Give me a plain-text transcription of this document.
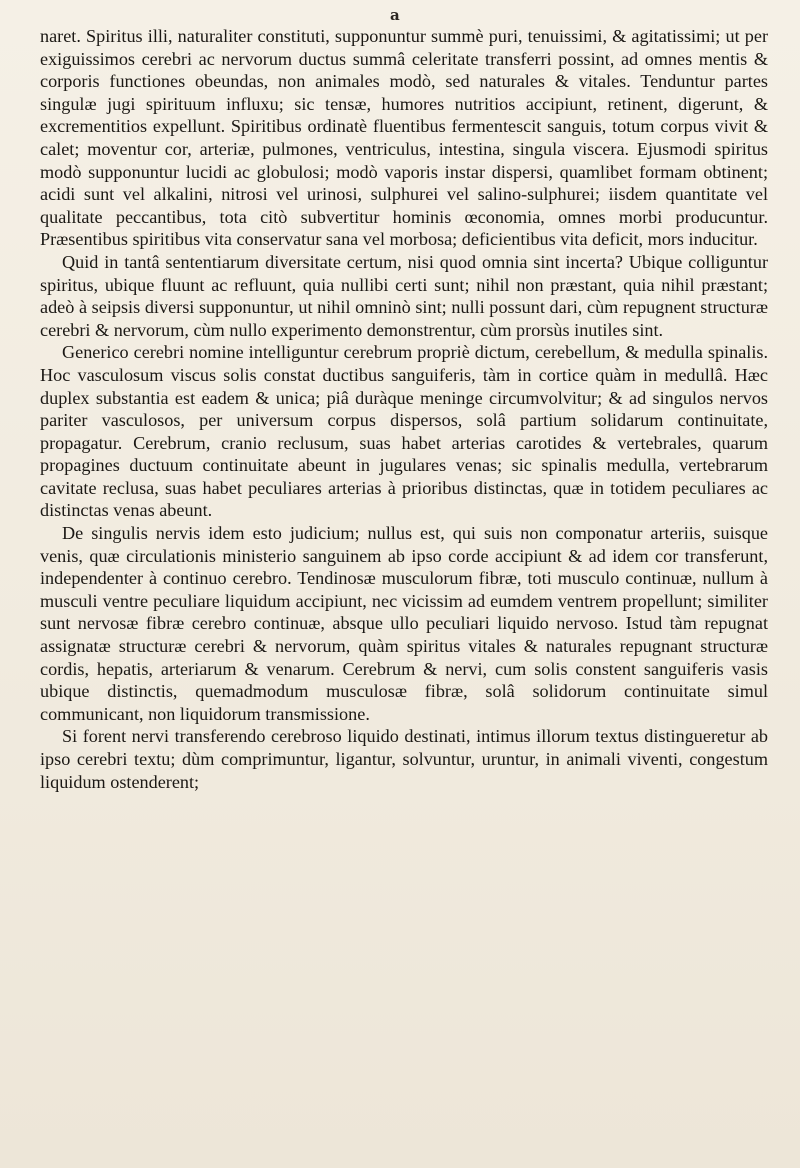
a

naret. Spiritus illi, naturaliter constituti, supponuntur summè puri, tenuissimi, & agitatissimi; ut per exiguissimos cerebri ac nervorum ductus summâ celeritate transferri possint, ad omnes mentis & corporis functiones obeundas, non animales modò, sed naturales & vitales. Tenduntur partes singulæ jugi spirituum influxu; sic tensæ, humores nutritios accipiunt, retinent, digerunt, & excrementitios expellunt. Spiritibus ordinatè fluentibus fermentescit sanguis, totum corpus vivit & calet; moventur cor, arteriæ, pulmones, ventriculus, intestina, singula viscera. Ejusmodi spiritus modò supponuntur lucidi ac globulosi; modò vaporis instar dispersi, quamlibet formam obtinent; acidi sunt vel alkalini, nitrosi vel urinosi, sulphurei vel salino-sulphurei; iisdem quantitate vel qualitate peccantibus, tota citò subvertitur hominis œconomia, omnes morbi producuntur. Præsentibus spiritibus vita conservatur sana vel morbosa; deficientibus vita deficit, mors inducitur.

Quid in tantâ sententiarum diversitate certum, nisi quod omnia sint incerta? Ubique colliguntur spiritus, ubique fluunt ac refluunt, quia nullibi certi sunt; nihil non præstant, quia nihil præstant; adeò à seipsis diversi supponuntur, ut nihil omninò sint; nulli possunt dari, cùm repugnent structuræ cerebri & nervorum, cùm nullo experimento demonstrentur, cùm prorsùs inutiles sint.

Generico cerebri nomine intelliguntur cerebrum propriè dictum, cerebellum, & medulla spinalis. Hoc vasculosum viscus solis constat ductibus sanguiferis, tàm in cortice quàm in medullâ. Hæc duplex substantia est eadem & unica; piâ duràque meninge circumvolvitur; & ad singulos nervos pariter vasculosos, per universum corpus dispersos, solâ partium solidarum continuitate, propagatur. Cerebrum, cranio reclusum, suas habet arterias carotides & vertebrales, quarum propagines ductuum continuitate abeunt in jugulares venas; sic spinalis medulla, vertebrarum cavitate reclusa, suas habet peculiares arterias à prioribus distinctas, quæ in totidem peculiares ac distinctas venas abeunt.

De singulis nervis idem esto judicium; nullus est, qui suis non componatur arteriis, suisque venis, quæ circulationis ministerio sanguinem ab ipso corde accipiunt & ad idem cor transferunt, independenter à continuo cerebro. Tendinosæ musculorum fibræ, toti musculo continuæ, nullum à musculi ventre peculiare liquidum accipiunt, nec vicissim ad eumdem ventrem propellunt; similiter sunt nervosæ fibræ cerebro continuæ, absque ullo peculiari liquido nervoso. Istud tàm repugnat assignatæ structuræ cerebri & nervorum, quàm spiritus vitales & naturales repugnant structuræ cordis, hepatis, arteriarum & venarum. Cerebrum & nervi, cum solis constent sanguiferis vasis ubique distinctis, quemadmodum musculosæ fibræ, solâ solidorum continuitate simul communicant, non liquidorum transmissione.

Si forent nervi transferendo cerebroso liquido destinati, intimus illorum textus distingueretur ab ipso cerebri textu; dùm comprimuntur, ligantur, solvuntur, uruntur, in animali viventi, congestum liquidum ostenderent;
